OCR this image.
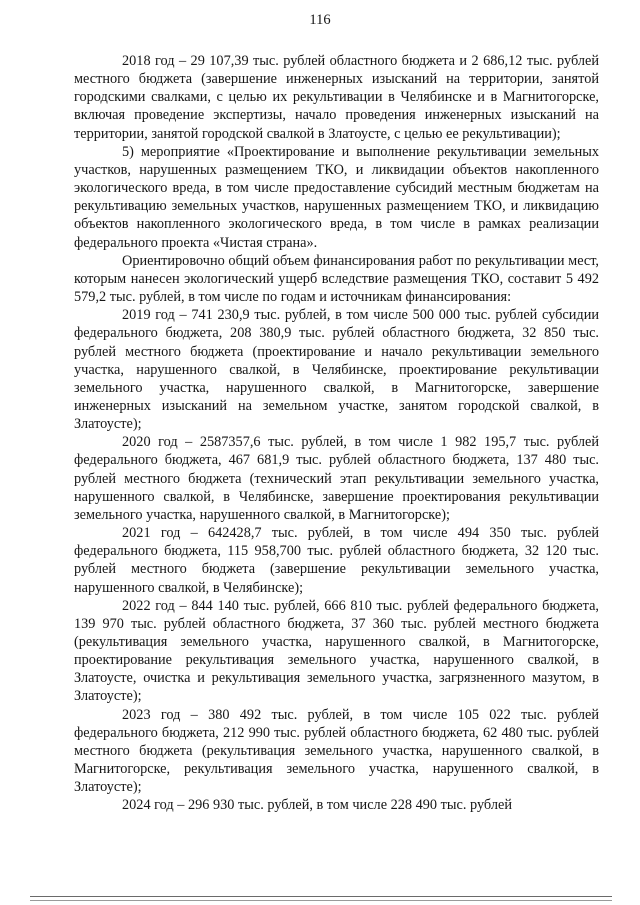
116

2018 год – 29 107,39 тыс. рублей областного бюджета и 2 686,12 тыс. рублей местного бюджета (завершение инженерных изысканий на территории, занятой городскими свалками, с целью их рекультивации в Челябинске и в Магнитогорске, включая проведение экспертизы, начало проведения инженерных изысканий на территории, занятой городской свалкой в Златоусте, с целью ее рекультивации);

5) мероприятие «Проектирование и выполнение рекультивации земельных участков, нарушенных размещением ТКО, и ликвидации объектов накопленного экологического вреда, в том числе предоставление субсидий местным бюджетам на рекультивацию земельных участков, нарушенных размещением ТКО, и ликвидацию объектов накопленного экологического вреда, в том числе в рамках реализации федерального проекта «Чистая страна».

Ориентировочно общий объем финансирования работ по рекультивации мест, которым нанесен экологический ущерб вследствие размещения ТКО, составит 5 492 579,2 тыс. рублей, в том числе по годам и источникам финансирования:

2019 год – 741 230,9 тыс. рублей, в том числе 500 000 тыс. рублей субсидии федерального бюджета, 208 380,9 тыс. рублей областного бюджета, 32 850 тыс. рублей местного бюджета (проектирование и начало рекультивации земельного участка, нарушенного свалкой, в Челябинске, проектирование рекультивации земельного участка, нарушенного свалкой, в Магнитогорске, завершение инженерных изысканий на земельном участке, занятом городской свалкой, в Златоусте);

2020 год – 2587357,6 тыс. рублей, в том числе 1 982 195,7 тыс. рублей федерального бюджета, 467 681,9 тыс. рублей областного бюджета, 137 480 тыс. рублей местного бюджета (технический этап рекультивации земельного участка, нарушенного свалкой, в Челябинске, завершение проектирования рекультивации земельного участка, нарушенного свалкой, в Магнитогорске);

2021 год – 642428,7 тыс. рублей, в том числе 494 350 тыс. рублей федерального бюджета, 115 958,700 тыс. рублей областного бюджета, 32 120 тыс. рублей местного бюджета (завершение рекультивации земельного участка, нарушенного свалкой, в Челябинске);

2022 год – 844 140 тыс. рублей, 666 810 тыс. рублей федерального бюджета, 139 970 тыс. рублей областного бюджета, 37 360 тыс. рублей местного бюджета (рекультивация земельного участка, нарушенного свалкой, в Магнитогорске, проектирование рекультивация земельного участка, нарушенного свалкой, в Златоусте, очистка и рекультивация земельного участка, загрязненного мазутом, в Златоусте);

2023 год – 380 492 тыс. рублей, в том числе 105 022 тыс. рублей федерального бюджета, 212 990 тыс. рублей областного бюджета, 62 480 тыс. рублей местного бюджета (рекультивация земельного участка, нарушенного свалкой, в Магнитогорске, рекультивация земельного участка, нарушенного свалкой, в Златоусте);

2024 год – 296 930 тыс. рублей, в том числе 228 490 тыс. рублей
